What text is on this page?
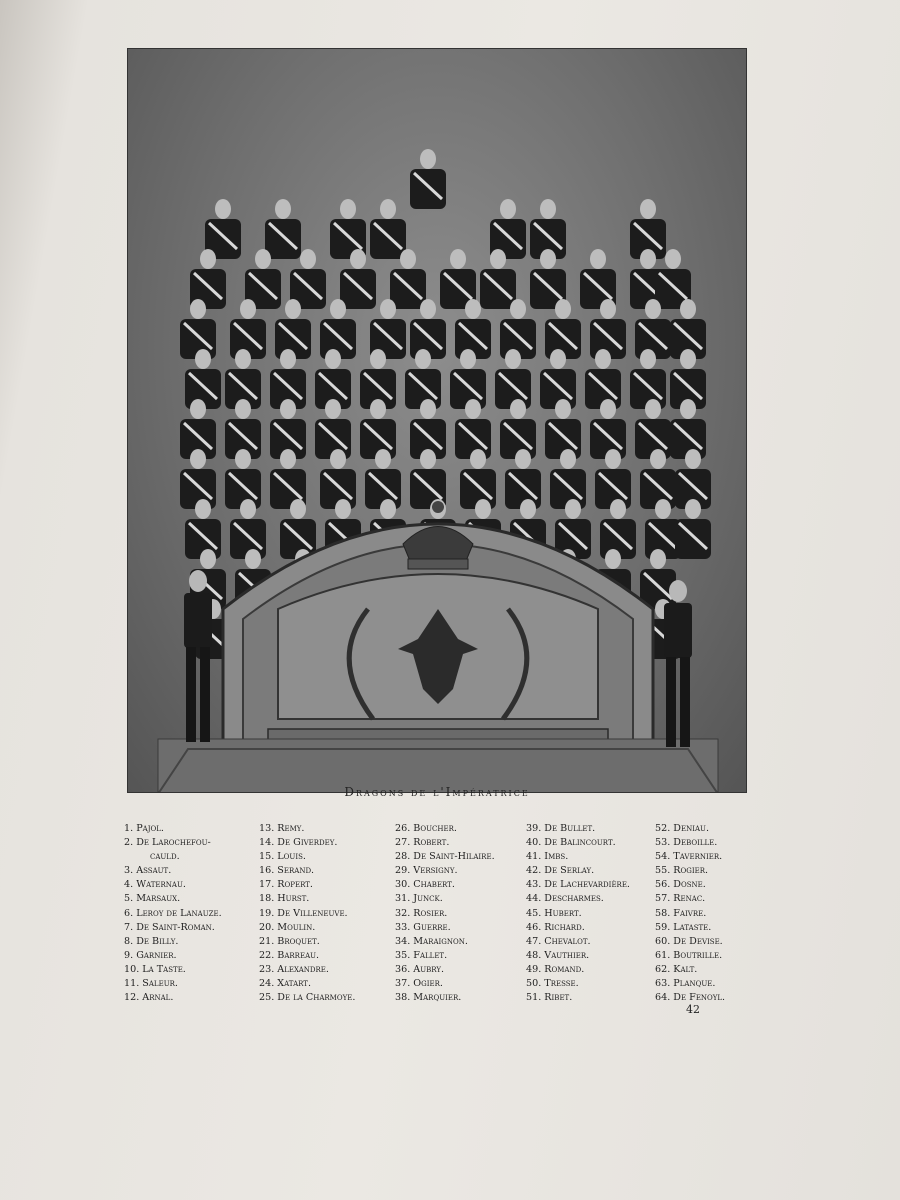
Dragons de l'Impératrice
1. Pajol.
2. De Larochefou-
cauld.
3. Assaut.
4. Waternau.
5. Marsaux.
6. Leroy de Lanauze.
7. De Saint-Roman.
8. De Billy.
9. Garnier.
10. La Taste.
11. Saleur.
12. Arnal.
13. Remy.
14. De Giverdey.
15. Louis.
16. Serand.
17. Ropert.
18. Hurst.
19. De Villeneuve.
20. Moulin.
21. Broquet.
22. Barreau.
23. Alexandre.
24. Xatart.
25. De la Charmoye.
26. Boucher.
27. Robert.
28. De Saint-Hilaire.
29. Versigny.
30. Chabert.
31. Junck.
32. Rosier.
33. Guerre.
34. Maraignon.
35. Fallet.
36. Aubry.
37. Ogier.
38. Marquier.
39. De Bullet.
40. De Balincourt.
41. Imbs.
42. De Serlay.
43. De Lachevardière.
44. Descharmes.
45. Hubert.
46. Richard.
47. Chevalot.
48. Vauthier.
49. Romand.
50. Tresse.
51. Ribet.
52. Deniau.
53. Deboille.
54. Tavernier.
55. Rogier.
56. Dosne.
57. Renac.
58. Faivre.
59. Lataste.
60. De Devise.
61. Boutrille.
62. Kalt.
63. Planque.
64. De Fenoyl.
42
